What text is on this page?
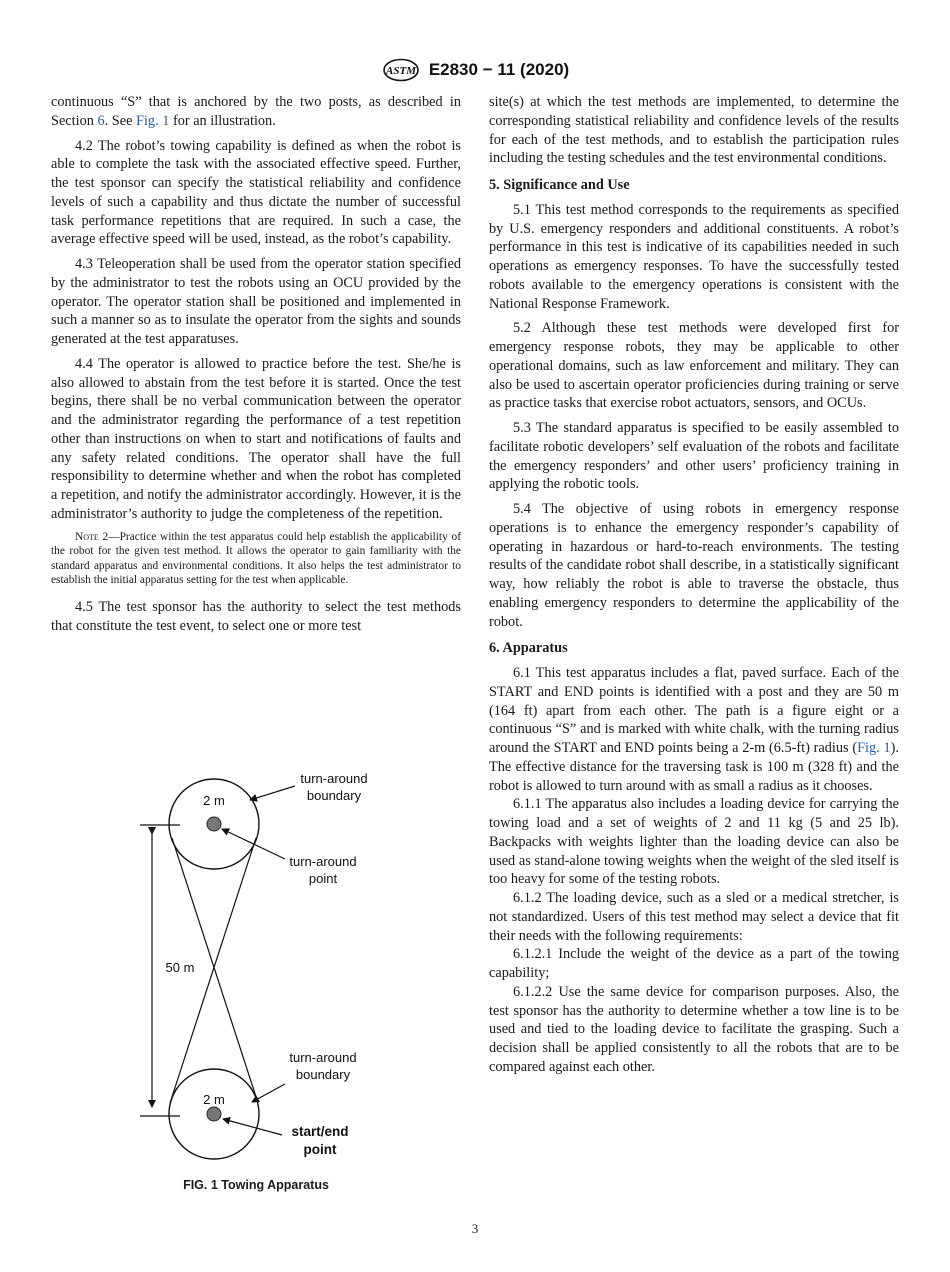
ASTM E2830 − 11 (2020)

continuous “S” that is anchored by the two posts, as described in Section 6. See Fig. 1 for an illustration.

4.2 The robot’s towing capability is defined as when the robot is able to complete the task with the associated effective speed. Further, the test sponsor can specify the statistical reliability and confidence levels of such a capability and thus dictate the number of successful task performance repetitions that are required. In such a case, the average effective speed will be used, instead, as the robot’s capability.

4.3 Teleoperation shall be used from the operator station specified by the administrator to test the robots using an OCU provided by the operator. The operator station shall be positioned and implemented in such a manner so as to insulate the operator from the sights and sounds generated at the test apparatuses.

4.4 The operator is allowed to practice before the test. She/he is also allowed to abstain from the test before it is started. Once the test begins, there shall be no verbal communication between the operator and the administrator regarding the performance of a test repetition other than instructions on when to start and notifications of faults and any safety related conditions. The operator shall have the full responsibility to determine whether and when the robot has completed a repetition, and notify the administrator accordingly. However, it is the administrator’s authority to judge the completeness of the repetition.

Note 2—Practice within the test apparatus could help establish the applicability of the robot for the given test method. It allows the operator to gain familiarity with the standard apparatus and environmental conditions. It also helps the test administrator to establish the initial apparatus setting for the test when applicable.

4.5 The test sponsor has the authority to select the test methods that constitute the test event, to select one or more test

site(s) at which the test methods are implemented, to determine the corresponding statistical reliability and confidence levels of the results for each of the test methods, and to establish the participation rules including the testing schedules and the test environmental conditions.

5. Significance and Use

5.1 This test method corresponds to the requirements as specified by U.S. emergency responders and additional constituents. A robot’s performance in this test is indicative of its capabilities needed in such operations as emergency responses. To have the successfully tested robots available to the emergency operations is consistent with the National Response Framework.

5.2 Although these test methods were developed first for emergency response robots, they may be applicable to other operational domains, such as law enforcement and military. They can also be used to ascertain operator proficiencies during training or serve as practice tasks that exercise robot actuators, sensors, and OCUs.

5.3 The standard apparatus is specified to be easily assembled to facilitate robotic developers’ self evaluation of the robots and facilitate the emergency responders’ and other users’ proficiency training in applying the robotic tools.

5.4 The objective of using robots in emergency response operations is to enhance the emergency responder’s capability of operating in hazardous or hard-to-reach environments. The testing results of the candidate robot shall describe, in a statistically significant way, how reliably the robot is able to traverse the obstacle, thus enabling emergency responders to determine the applicability of the robot.

6. Apparatus

6.1 This test apparatus includes a flat, paved surface. Each of the START and END points is identified with a post and they are 50 m (164 ft) apart from each other. The path is a figure eight or a continuous “S” and is marked with white chalk, with the turning radius around the START and END points being a 2-m (6.5-ft) radius (Fig. 1). The effective distance for the traversing task is 100 m (328 ft) and the robot is allowed to turn around with as small a radius as it chooses.

6.1.1 The apparatus also includes a loading device for carrying the towing load and a set of weights of 2 and 11 kg (5 and 25 lb). Backpacks with weights lighter than the loading device can also be used as stand-alone towing weights when the weight of the sled itself is too heavy for some of the testing robots.

6.1.2 The loading device, such as a sled or a medical stretcher, is not standardized. Users of this test method may select a device that fit their needs with the following requirements:

6.1.2.1 Include the weight of the device as a part of the towing capability;

6.1.2.2 Use the same device for comparison purposes. Also, the test sponsor has the authority to determine whether a tow line is to be used and tied to the loading device to facilitate the grasping. Such a decision shall be applied consistently to all the robots that are to be compared against each other.

turn-around
boundary
2 m
turn-around
point
50 m
turn-around
boundary
2 m
start/end
point
FIG. 1 Towing Apparatus
3
